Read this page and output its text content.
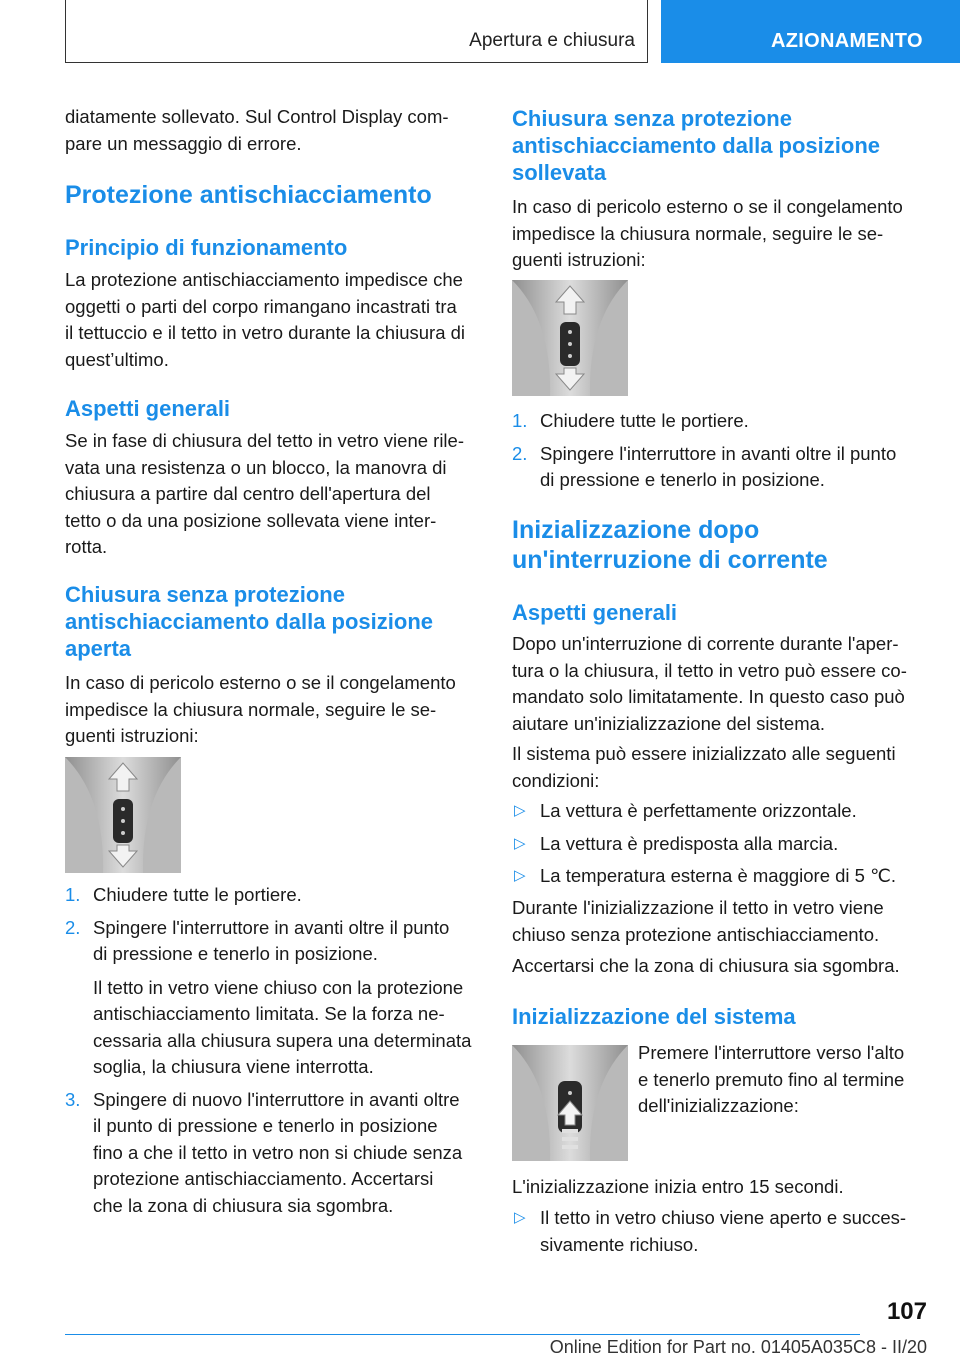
Apertura e chiusura	AZIONAMENTO

diatamente sollevato. Sul Control Display com-
pare un messaggio di errore.

Protezione antischiacciamento
Principio di funzionamento

La protezione antischiacciamento impedisce che
oggetti o parti del corpo rimangano incastrati tra
il tettuccio e il tetto in vetro durante la chiusura di
quest’ultimo.

Aspetti generali

Se in fase di chiusura del tetto in vetro viene rile-
vata una resistenza o un blocco, la manovra di
chiusura a partire dal centro dell'apertura del
tetto o da una posizione sollevata viene inter-
rotta.

Chiusura senza protezione
antischiacciamento dalla posizione
aperta

In caso di pericolo esterno o se il congelamento
impedisce la chiusura normale, seguire le se-
guenti istruzioni:

1. Chiudere tutte le portiere.

2. Spingere l'interruttore in avanti oltre il punto
di pressione e tenerlo in posizione.

Il tetto in vetro viene chiuso con la protezione
antischiacciamento limitata. Se la forza ne-
cessaria alla chiusura supera una determinata
soglia, la chiusura viene interrotta.

3. Spingere di nuovo l'interruttore in avanti oltre
il punto di pressione e tenerlo in posizione
fino a che il tetto in vetro non si chiude senza
protezione antischiacciamento. Accertarsi
che la zona di chiusura sia sgombra.

Chiusura senza protezione
antischiacciamento dalla posizione
sollevata

In caso di pericolo esterno o se il congelamento
impedisce la chiusura normale, seguire le se-
guenti istruzioni:

1. Chiudere tutte le portiere.

2. Spingere l'interruttore in avanti oltre il punto
di pressione e tenerlo in posizione.

Inizializzazione dopo
un'interruzione di corrente
Aspetti generali

Dopo un'interruzione di corrente durante l'aper-
tura o la chiusura, il tetto in vetro può essere co-
mandato solo limitatamente. In questo caso può
aiutare un'inizializzazione del sistema.

Il sistema può essere inizializzato alle seguenti
condizioni:

▷ La vettura è perfettamente orizzontale.

▷ La vettura è predisposta alla marcia.

▷ La temperatura esterna è maggiore di 5 ℃.

Durante l'inizializzazione il tetto in vetro viene
chiuso senza protezione antischiacciamento.

Accertarsi che la zona di chiusura sia sgombra.

Inizializzazione del sistema

Premere l'interruttore verso l'alto
e tenerlo premuto fino al termine
dell'inizializzazione:

L'inizializzazione inizia entro 15 secondi.

▷ Il tetto in vetro chiuso viene aperto e succes-
sivamente richiuso.

107
Online Edition for Part no. 01405A035C8 - II/20
